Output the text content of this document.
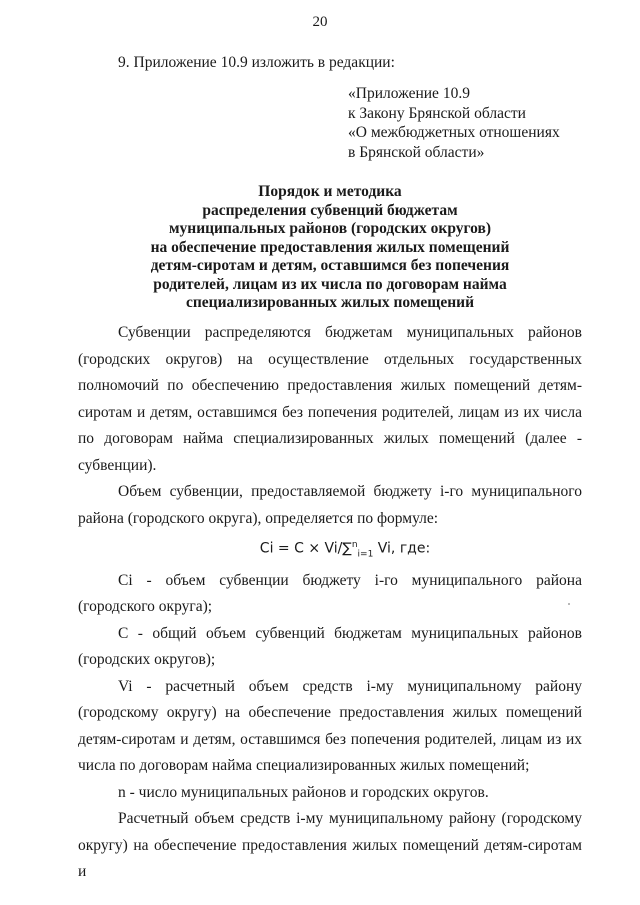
20
9. Приложение 10.9 изложить в редакции:
«Приложение 10.9
к Закону Брянской области
«О межбюджетных отношениях
в Брянской области»
Порядок и методика
распределения субвенций бюджетам
муниципальных районов (городских округов)
на обеспечение предоставления жилых помещений
детям-сиротам и детям, оставшимся без попечения
родителей, лицам из их числа по договорам найма
специализированных жилых помещений

Субвенции распределяются бюджетам муниципальных районов (городских округов) на осуществление отдельных государственных полномочий по обеспечению предоставления жилых помещений детям-сиротам и детям, оставшимся без попечения родителей, лицам из их числа по договорам найма специализированных жилых помещений (далее - субвенции).

Объем субвенции, предоставляемой бюджету i-го муниципального района (городского округа), определяется по формуле:

Ci = C × Vi/∑$^n_{i=1}$ Vi, где:

Ci - объем субвенции бюджету i-го муниципального района (городского округа);

C - общий объем субвенций бюджетам муниципальных районов (городских округов);

Vi - расчетный объем средств i-му муниципальному району (городскому округу) на обеспечение предоставления жилых помещений детям-сиротам и детям, оставшимся без попечения родителей, лицам из их числа по договорам найма специализированных жилых помещений;

n - число муниципальных районов и городских округов.

Расчетный объем средств i-му муниципальному району (городскому округу) на обеспечение предоставления жилых помещений детям-сиротам и
